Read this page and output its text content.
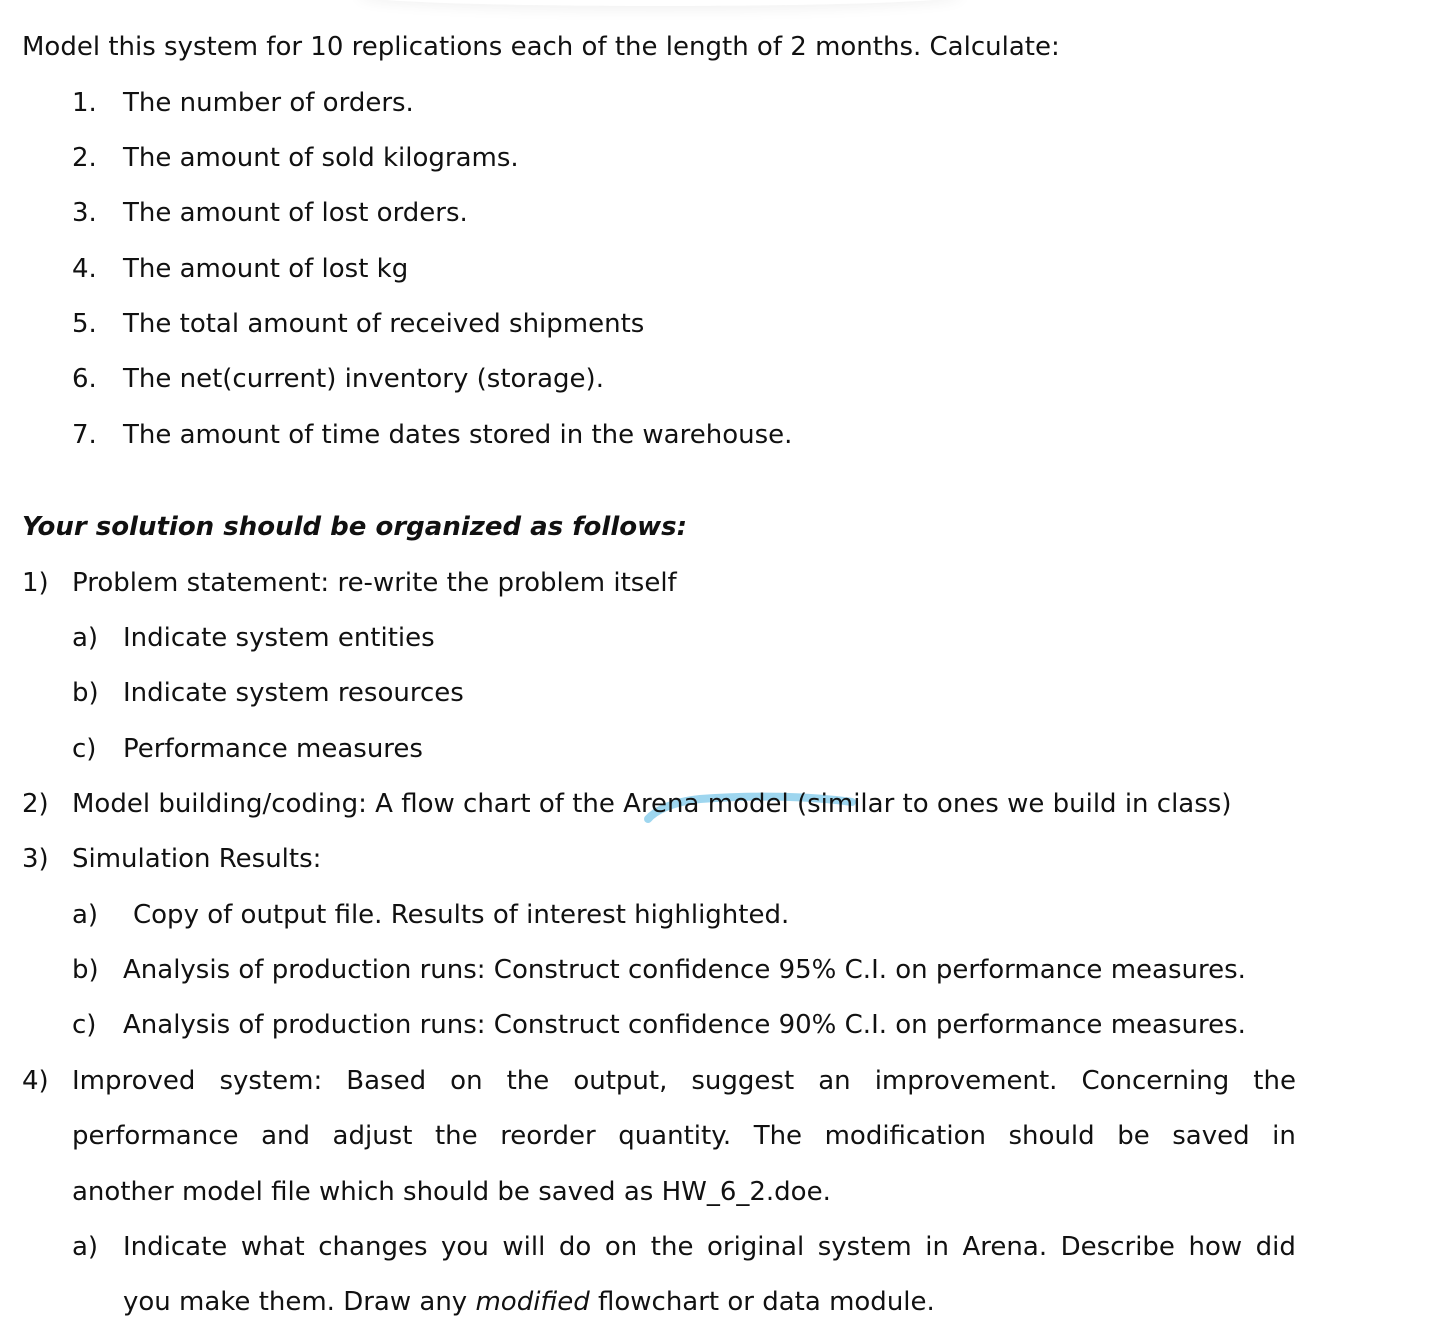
Model this system for 10 replications each of the length of 2 months. Calculate:
1. The number of orders.
2. The amount of sold kilograms.
3. The amount of lost orders.
4. The amount of lost kg
5. The total amount of received shipments
6. The net(current) inventory (storage).
7. The amount of time dates stored in the warehouse.
Your solution should be organized as follows:
1) Problem statement: re-write the problem itself
a) Indicate system entities
b) Indicate system resources
c) Performance measures
2) Model building/coding: A flow chart of the Arena model (similar to ones we build in class)
3) Simulation Results:
a) Copy of output file. Results of interest highlighted.
b) Analysis of production runs: Construct confidence 95% C.I. on performance measures.
c) Analysis of production runs: Construct confidence 90% C.I. on performance measures.
4) Improved system: Based on the output, suggest an improvement. Concerning the
performance and adjust the reorder quantity. The modification should be saved in
another model file which should be saved as HW_6_2.doe.
a) Indicate what changes you will do on the original system in Arena. Describe how did
you make them. Draw any modified flowchart or data module.
